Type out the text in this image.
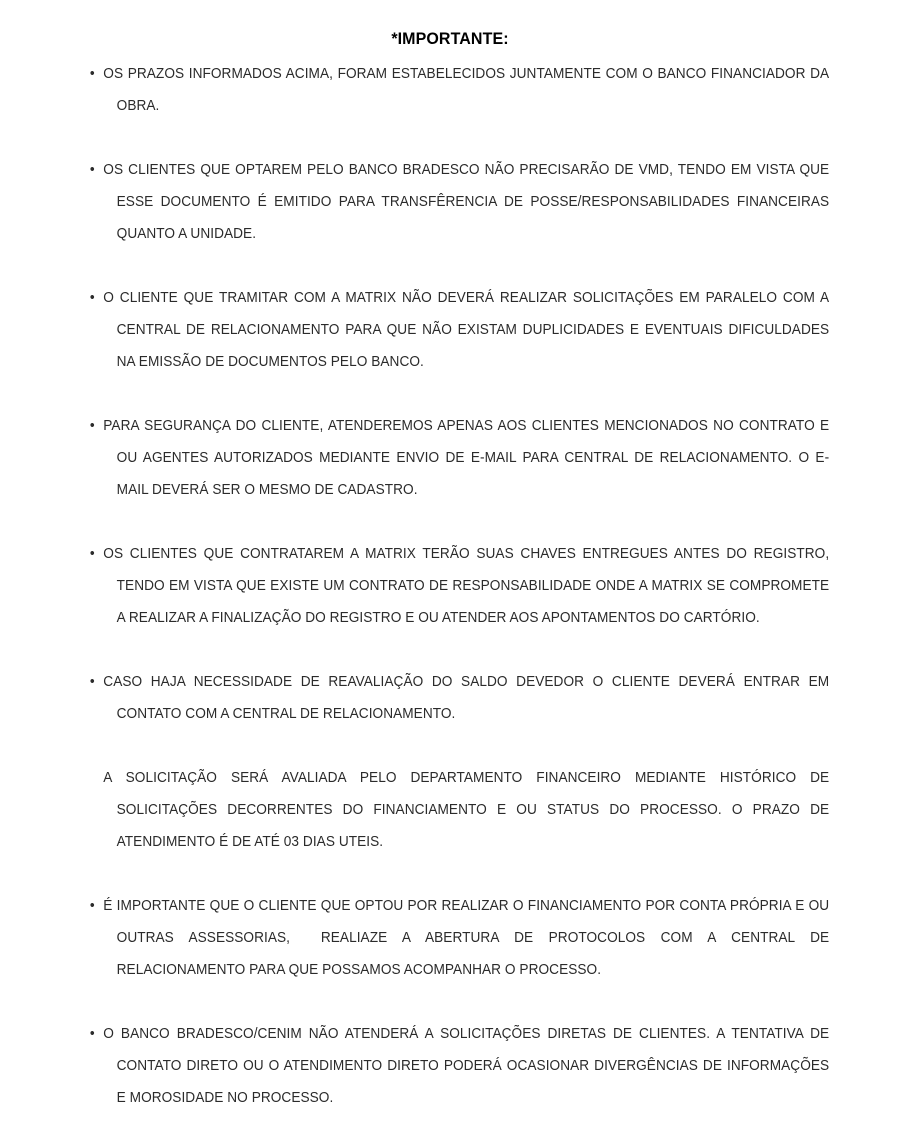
*IMPORTANTE:

• OS PRAZOS INFORMADOS ACIMA, FORAM ESTABELECIDOS JUNTAMENTE COM O BANCO FINANCIADOR DA OBRA.

• OS CLIENTES QUE OPTAREM PELO BANCO BRADESCO NÃO PRECISARÃO DE VMD, TENDO EM VISTA QUE ESSE DOCUMENTO É EMITIDO PARA TRANSFÊRENCIA DE POSSE/RESPONSABILIDADES FINANCEIRAS QUANTO A UNIDADE.

• O CLIENTE QUE TRAMITAR COM A MATRIX NÃO DEVERÁ REALIZAR SOLICITAÇÕES EM PARALELO COM A CENTRAL DE RELACIONAMENTO PARA QUE NÃO EXISTAM DUPLICIDADES E EVENTUAIS DIFICULDADES NA EMISSÃO DE DOCUMENTOS PELO BANCO.

• PARA SEGURANÇA DO CLIENTE, ATENDEREMOS APENAS AOS CLIENTES MENCIONADOS NO CONTRATO E OU AGENTES AUTORIZADOS MEDIANTE ENVIO DE E-MAIL PARA CENTRAL DE RELACIONAMENTO. O E-MAIL DEVERÁ SER O MESMO DE CADASTRO.

• OS CLIENTES QUE CONTRATAREM A MATRIX TERÃO SUAS CHAVES ENTREGUES ANTES DO REGISTRO, TENDO EM VISTA QUE EXISTE UM CONTRATO DE RESPONSABILIDADE ONDE A MATRIX SE COMPROMETE A REALIZAR A FINALIZAÇÃO DO REGISTRO E OU ATENDER AOS APONTAMENTOS DO CARTÓRIO.

• CASO HAJA NECESSIDADE DE REAVALIAÇÃO DO SALDO DEVEDOR O CLIENTE DEVERÁ ENTRAR EM CONTATO COM A CENTRAL DE RELACIONAMENTO.

A SOLICITAÇÃO SERÁ AVALIADA PELO DEPARTAMENTO FINANCEIRO MEDIANTE HISTÓRICO DE SOLICITAÇÕES DECORRENTES DO FINANCIAMENTO E OU STATUS DO PROCESSO. O PRAZO DE ATENDIMENTO É DE ATÉ 03 DIAS UTEIS.

• É IMPORTANTE QUE O CLIENTE QUE OPTOU POR REALIZAR O FINANCIAMENTO POR CONTA PRÓPRIA E OU OUTRAS ASSESSORIAS,  REALIAZE A ABERTURA DE PROTOCOLOS COM A CENTRAL DE RELACIONAMENTO PARA QUE POSSAMOS ACOMPANHAR O PROCESSO.

• O BANCO BRADESCO/CENIM NÃO ATENDERÁ A SOLICITAÇÕES DIRETAS DE CLIENTES. A TENTATIVA DE CONTATO DIRETO OU O ATENDIMENTO DIRETO PODERÁ OCASIONAR DIVERGÊNCIAS DE INFORMAÇÕES E MOROSIDADE NO PROCESSO.
